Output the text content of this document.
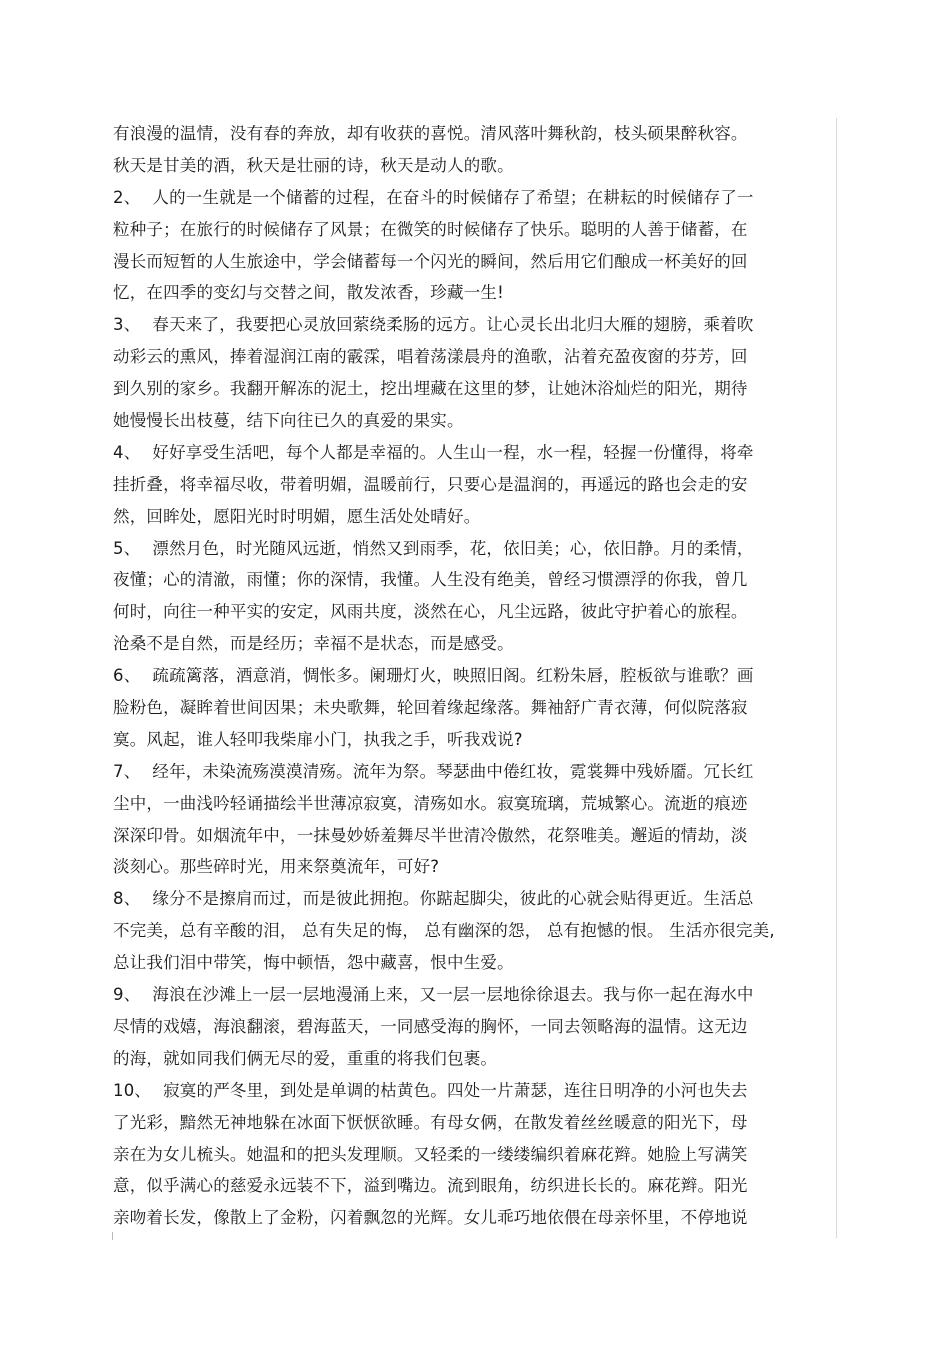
有浪漫的温情，没有春的奔放，却有收获的喜悦。清风落叶舞秋韵，枝头硕果醉秋容。
秋天是甘美的酒，秋天是壮丽的诗，秋天是动人的歌。
2、 人的一生就是一个储蓄的过程，在奋斗的时候储存了希望；在耕耘的时候储存了一
粒种子；在旅行的时候储存了风景；在微笑的时候储存了快乐。聪明的人善于储蓄，在
漫长而短暂的人生旅途中，学会储蓄每一个闪光的瞬间，然后用它们酿成一杯美好的回
忆，在四季的变幻与交替之间，散发浓香，珍藏一生!
3、 春天来了，我要把心灵放回萦绕柔肠的远方。让心灵长出北归大雁的翅膀，乘着吹
动彩云的熏风，捧着湿润江南的霰霂，唱着荡漾晨舟的渔歌，沾着充盈夜窗的芬芳，回
到久别的家乡。我翻开解冻的泥土，挖出埋藏在这里的梦，让她沐浴灿烂的阳光，期待
她慢慢长出枝蔓，结下向往已久的真爱的果实。
4、 好好享受生活吧，每个人都是幸福的。人生山一程，水一程，轻握一份懂得，将牵
挂折叠，将幸福尽收，带着明媚，温暖前行，只要心是温润的，再遥远的路也会走的安
然，回眸处，愿阳光时时明媚，愿生活处处晴好。
5、 漂然月色，时光随风远逝，悄然又到雨季，花，依旧美；心，依旧静。月的柔情，
夜懂；心的清澈，雨懂；你的深情，我懂。人生没有绝美，曾经习惯漂浮的你我，曾几
何时，向往一种平实的安定，风雨共度，淡然在心，凡尘远路，彼此守护着心的旅程。
沧桑不是自然，而是经历；幸福不是状态，而是感受。
6、 疏疏篱落，酒意消，惆怅多。阑珊灯火，映照旧阁。红粉朱唇，腔板欲与谁歌？画
脸粉色，凝眸着世间因果；未央歌舞，轮回着缘起缘落。舞袖舒广青衣薄，何似院落寂
寞。风起，谁人轻叩我柴扉小门，执我之手，听我戏说?
7、 经年，未染流殇漠漠清殇。流年为祭。琴瑟曲中倦红妆，霓裳舞中残娇靥。冗长红
尘中，一曲浅吟轻诵描绘半世薄凉寂寞，清殇如水。寂寞琉璃，荒城繁心。流逝的痕迹
深深印骨。如烟流年中，一抹曼妙娇羞舞尽半世清冷傲然，花祭唯美。邂逅的情劫，淡
淡刻心。那些碎时光，用来祭奠流年，可好?
8、 缘分不是擦肩而过，而是彼此拥抱。你踮起脚尖，彼此的心就会贴得更近。生活总
不完美，总有辛酸的泪， 总有失足的悔， 总有幽深的怨， 总有抱憾的恨。 生活亦很完美,
总让我们泪中带笑，悔中顿悟，怨中藏喜，恨中生爱。
9、 海浪在沙滩上一层一层地漫涌上来，又一层一层地徐徐退去。我与你一起在海水中
尽情的戏嬉，海浪翻滚，碧海蓝天，一同感受海的胸怀，一同去领略海的温情。这无边
的海，就如同我们俩无尽的爱，重重的将我们包裹。
10、 寂寞的严冬里，到处是单调的枯黄色。四处一片萧瑟，连往日明净的小河也失去
了光彩，黯然无神地躲在冰面下恹恹欲睡。有母女俩，在散发着丝丝暖意的阳光下，母
亲在为女儿梳头。她温和的把头发理顺。又轻柔的一缕缕编织着麻花辫。她脸上写满笑
意，似乎满心的慈爱永远装不下，溢到嘴边。流到眼角，纺织进长长的。麻花辫。阳光
亲吻着长发，像散上了金粉，闪着飘忽的光辉。女儿乖巧地依偎在母亲怀里，不停地说
